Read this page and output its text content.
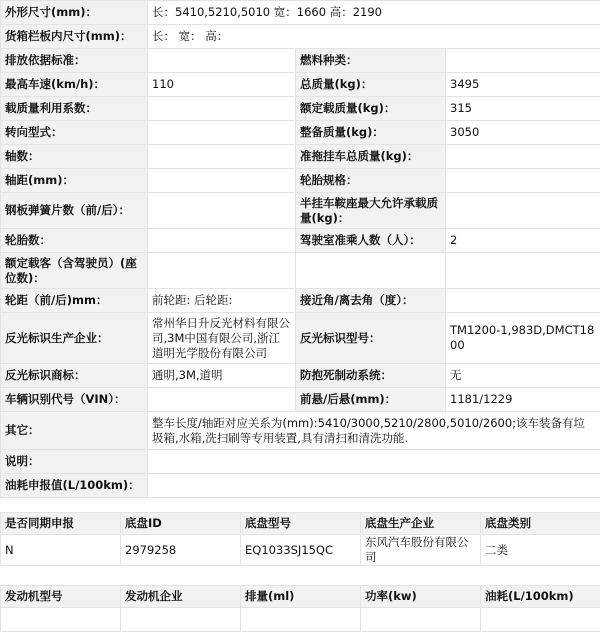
外形尺寸(mm)：	长：5410,5210,5010 宽：1660 高：2190		
货箱栏板内尺寸(mm)：	长： 宽： 高：		
排放依据标准：		燃料种类：	
最高车速(km/h)：	110	总质量(kg)：	3495
载质量利用系数：		额定载质量(kg)：	315
转向型式：		整备质量(kg)：	3050
轴数：		准拖挂车总质量(kg)：	
轴距(mm)：		轮胎规格：	
钢板弹簧片数（前/后）：		半挂车鞍座最大允许承载质量(kg)：	
轮胎数：		驾驶室准乘人数（人）：	2
额定载客（含驾驶员）(座位数)：			
轮距（前/后)mm：	前轮距: 后轮距:	接近角/离去角（度）：	
反光标识生产企业：	常州华日升反光材料有限公司,3M中国有限公司,浙江道明光学股份有限公司	反光标识型号：	TM1200-1,983D,DMCT1800
反光标识商标：	通明,3M,道明	防抱死制动系统：	无
车辆识别代号（VIN）：		前悬/后悬(mm)：	1181/1229
其它：	整车长度/轴距对应关系为(mm):5410/3000,5210/2800,5010/2600;该车装备有垃圾箱,水箱,洗扫刷等专用装置,具有清扫和清洗功能.		
说明：			
油耗申报值(L/100km)：			
是否同期申报	底盘ID	底盘型号	底盘生产企业	底盘类别
N	2979258	EQ1033SJ15QC	东风汽车股份有限公司	二类
发动机型号	发动机企业	排量(ml)	功率(kw)	油耗(L/100km)
